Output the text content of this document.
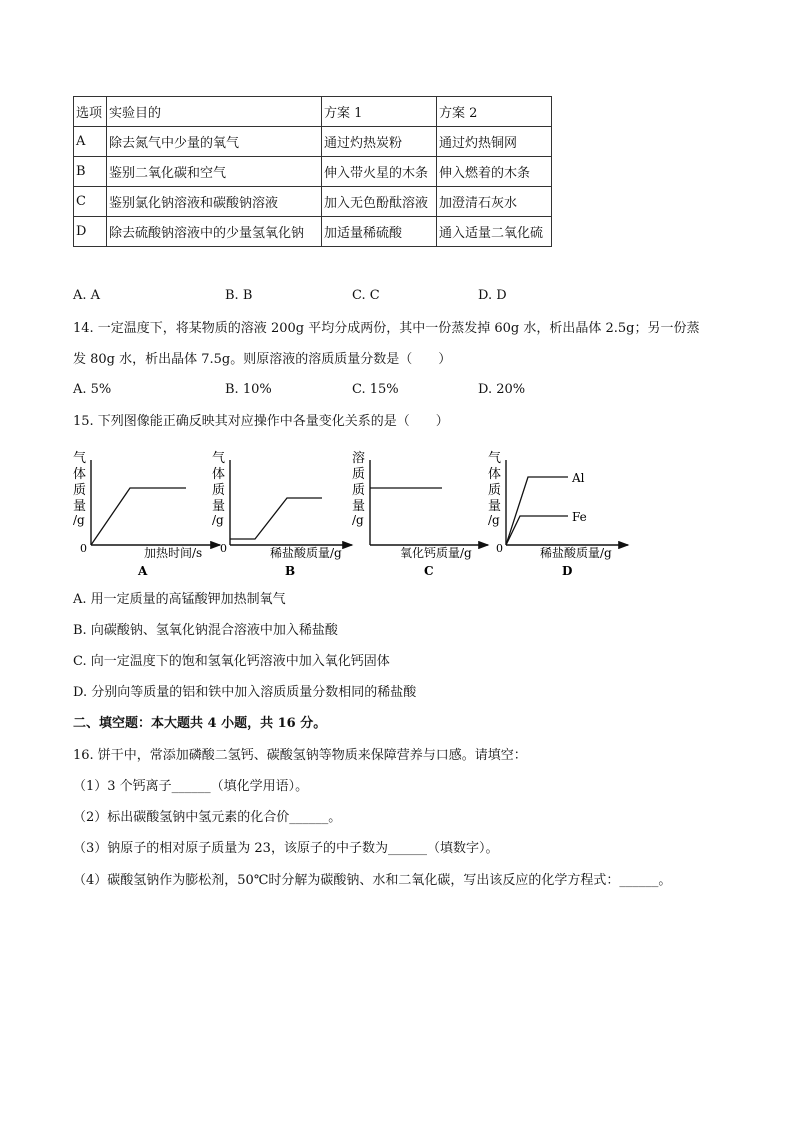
选项	实验目的	方案 1	方案 2
A	除去氮气中少量的氧气	通过灼热炭粉	通过灼热铜网
B	鉴别二氧化碳和空气	伸入带火星的木条	伸入燃着的木条
C	鉴别氯化钠溶液和碳酸钠溶液	加入无色酚酞溶液	加澄清石灰水
D	除去硫酸钠溶液中的少量氢氧化钠	加适量稀硫酸	通入适量二氧化硫
A. A	B. B	C. C	D. D
14. 一定温度下，将某物质的溶液 200g 平均分成两份，其中一份蒸发掉 60g 水，析出晶体 2.5g；另一份蒸
发 80g 水，析出晶体 7.5g。则原溶液的溶质质量分数是（　　）
A. 5%	B. 10%	C. 15%	D. 20%
15. 下列图像能正确反映其对应操作中各量变化关系的是（　　）
气
体
质
量
/g
0	加热时间/s
A
气
体
质
量
/g
0	稀盐酸质量/g
B
溶
质
质
量
/g
氧化钙质量/g
C
气
体
质
量
/g
0
Al
Fe
稀盐酸质量/g
D
A. 用一定质量的高锰酸钾加热制氧气
B. 向碳酸钠、氢氧化钠混合溶液中加入稀盐酸
C. 向一定温度下的饱和氢氧化钙溶液中加入氧化钙固体
D. 分别向等质量的铝和铁中加入溶质质量分数相同的稀盐酸
二、填空题：本大题共 4 小题，共 16 分。
16. 饼干中，常添加磷酸二氢钙、碳酸氢钠等物质来保障营养与口感。请填空：
（1）3 个钙离子______（填化学用语）。
（2）标出碳酸氢钠中氢元素的化合价______。
（3）钠原子的相对原子质量为 23，该原子的中子数为______（填数字）。
（4）碳酸氢钠作为膨松剂，50℃时分解为碳酸钠、水和二氧化碳，写出该反应的化学方程式：______。
